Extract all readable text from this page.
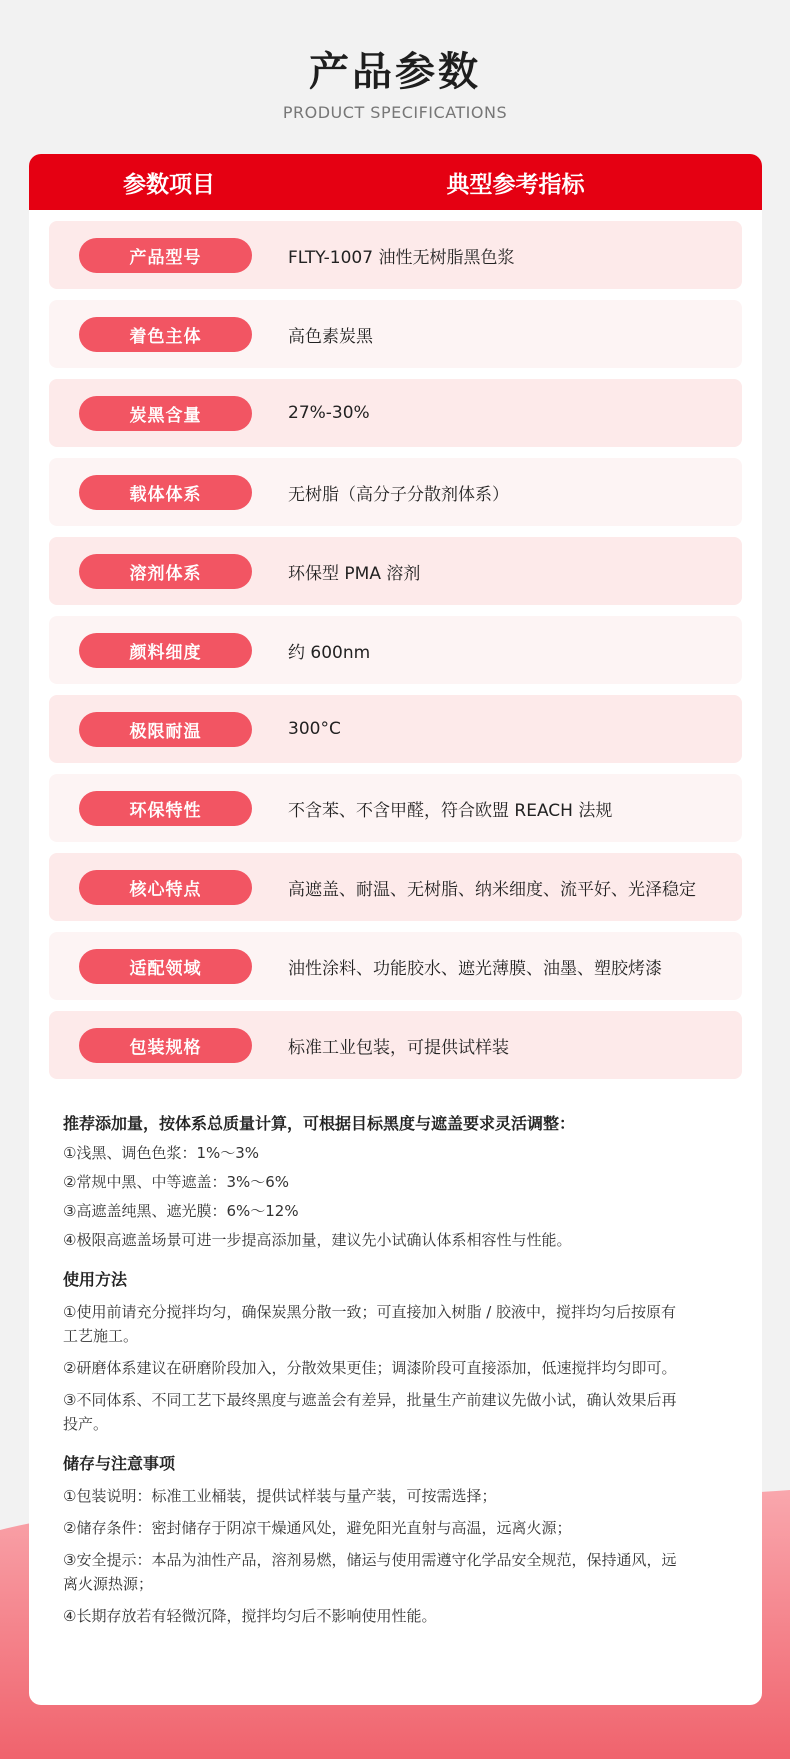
产品参数
PRODUCT SPECIFICATIONS
参数项目	典型参考指标
产品型号	FLTY-1007 油性无树脂黑色浆
着色主体	高色素炭黑
炭黑含量	27%-30%
载体体系	无树脂（高分子分散剂体系）
溶剂体系	环保型 PMA 溶剂
颜料细度	约 600nm
极限耐温	300°C
环保特性	不含苯、不含甲醛，符合欧盟 REACH 法规
核心特点	高遮盖、耐温、无树脂、纳米细度、流平好、光泽稳定
适配领域	油性涂料、功能胶水、遮光薄膜、油墨、塑胶烤漆
包装规格	标准工业包装，可提供试样装
推荐添加量，按体系总质量计算，可根据目标黑度与遮盖要求灵活调整：
①浅黑、调色色浆：1%～3%
②常规中黑、中等遮盖：3%～6%
③高遮盖纯黑、遮光膜：6%～12%
④极限高遮盖场景可进一步提高添加量，建议先小试确认体系相容性与性能。
使用方法
①使用前请充分搅拌均匀，确保炭黑分散一致；可直接加入树脂 / 胶液中，搅拌均匀后按原有
工艺施工。
②研磨体系建议在研磨阶段加入，分散效果更佳；调漆阶段可直接添加，低速搅拌均匀即可。
③不同体系、不同工艺下最终黑度与遮盖会有差异，批量生产前建议先做小试，确认效果后再
投产。
储存与注意事项
①包装说明：标准工业桶装，提供试样装与量产装，可按需选择；
②储存条件：密封储存于阴凉干燥通风处，避免阳光直射与高温，远离火源；
③安全提示：本品为油性产品，溶剂易燃，储运与使用需遵守化学品安全规范，保持通风，远
离火源热源；
④长期存放若有轻微沉降，搅拌均匀后不影响使用性能。
